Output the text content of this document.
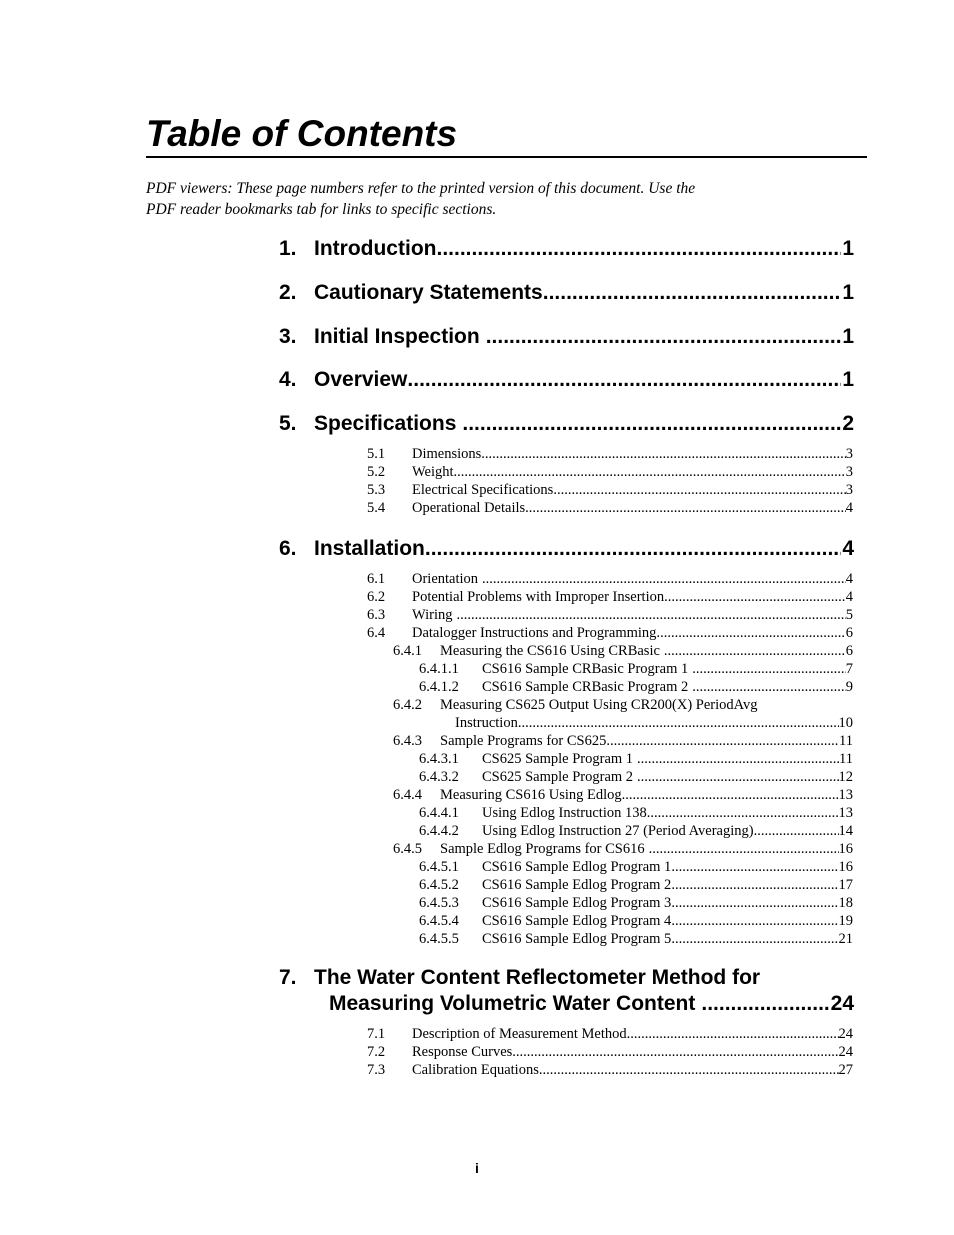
Table of Contents
PDF viewers: These page numbers refer to the printed version of this document. Use the
PDF reader bookmarks tab for links to specific sections.
1. Introduction .....	1
2. Cautionary Statements .....	1
3. Initial Inspection .....	1
4. Overview .....	1
5. Specifications .....	2
5.1	Dimensions .....	3
5.2	Weight .....	3
5.3	Electrical Specifications .....	3
5.4	Operational Details .....	4
6. Installation .....	4
6.1	Orientation .....	4
6.2	Potential Problems with Improper Insertion .....	4
6.3	Wiring .....	5
6.4	Datalogger Instructions and Programming .....	6
6.4.1	Measuring the CS616 Using CRBasic .....	6
6.4.1.1	CS616 Sample CRBasic Program 1 .....	7
6.4.1.2	CS616 Sample CRBasic Program 2 .....	9
6.4.2 Measuring CS625 Output Using CR200(X) PeriodAvg
Instruction .....	10
6.4.3	Sample Programs for CS625 .....	11
6.4.3.1	CS625 Sample Program 1 .....	11
6.4.3.2	CS625 Sample Program 2 .....	12
6.4.4	Measuring CS616 Using Edlog .....	13
6.4.4.1	Using Edlog Instruction 138 .....	13
6.4.4.2	Using Edlog Instruction 27 (Period Averaging) .....	14
6.4.5	Sample Edlog Programs for CS616 .....	16
6.4.5.1	CS616 Sample Edlog Program 1 .....	16
6.4.5.2	CS616 Sample Edlog Program 2 .....	17
6.4.5.3	CS616 Sample Edlog Program 3 .....	18
6.4.5.4	CS616 Sample Edlog Program 4 .....	19
6.4.5.5	CS616 Sample Edlog Program 5 .....	21
7. The Water Content Reflectometer Method for
Measuring Volumetric Water Content .....	24
7.1	Description of Measurement Method .....	24
7.2	Response Curves .....	24
7.3	Calibration Equations .....	27
i
